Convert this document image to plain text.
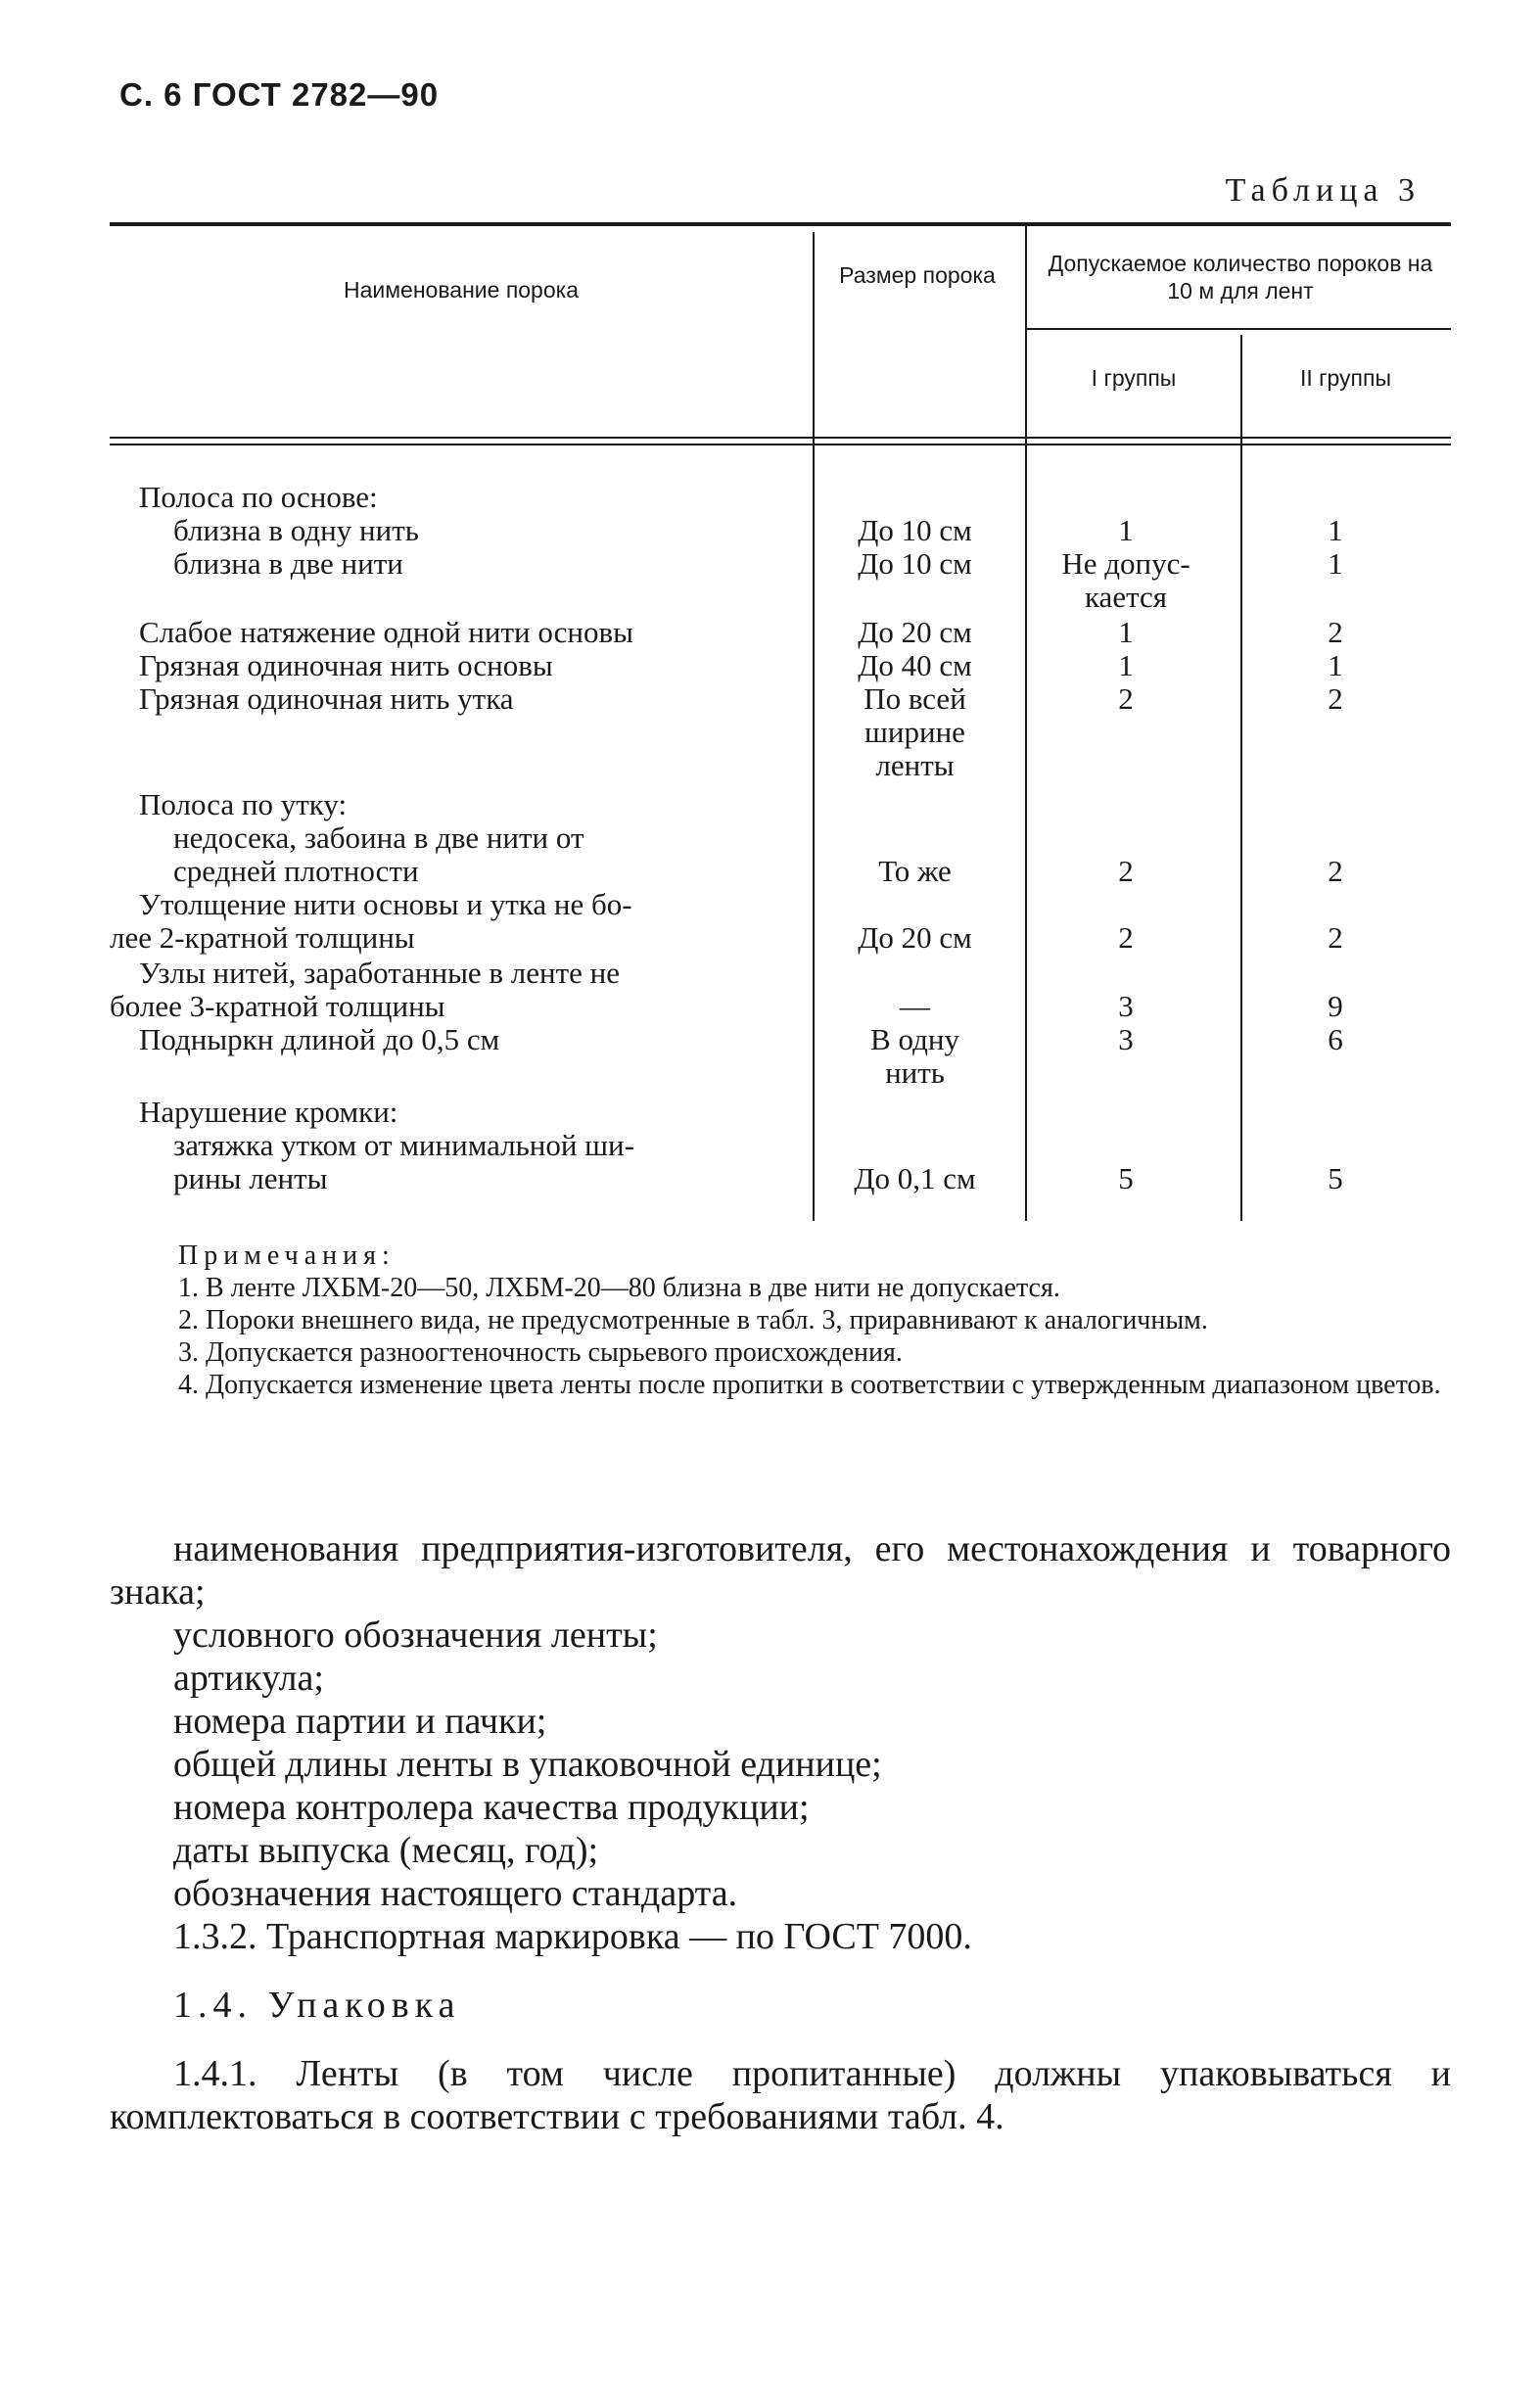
С. 6 ГОСТ 2782—90
Таблица 3
Наименование порока
Размер порока	Допускаемое количество пороков на 10 м для лент
I группы	II группы
Полоса по основе:
близна в одну нить	До 10 см	1	1
близна в две нити	До 10 см	Не допус-	1
кается
Слабое натяжение одной нити основы	До 20 см	1	2
Грязная одиночная нить основы	До 40 см	1	1
Грязная одиночная нить утка	По всей	2	2
ширине
ленты
Полоса по утку:
недосека, забоина в две нити от
средней плотности	То же	2	2
Утолщение нити основы и утка не бо-
лее 2-кратной толщины	До 20 см	2	2
Узлы нитей, заработанные в ленте не
более 3-кратной толщины	—	3	9
Подныркн длиной до 0,5 см	В одну	3	6
нить
Нарушение кромки:
затяжка утком от минимальной ши-
рины ленты	До 0,1 см	5	5
Примечания:
1. В ленте ЛХБМ-20—50, ЛХБМ-20—80 близна в две нити не допускается.
2. Пороки внешнего вида, не предусмотренные в табл. 3, приравнивают к аналогичным.
3. Допускается разноогтеночность сырьевого происхождения.
4. Допускается изменение цвета ленты после пропитки в соответствии с утвержденным диапазоном цветов.
наименования предприятия-изготовителя, его местонахождения и товарного знака;
условного обозначения ленты;
артикула;
номера партии и пачки;
общей длины ленты в упаковочной единице;
номера контролера качества продукции;
даты выпуска (месяц, год);
обозначения настоящего стандарта.
1.3.2. Транспортная маркировка — по ГОСТ 7000.
1.4. Упаковка
1.4.1. Ленты (в том числе пропитанные) должны упаковываться и комплектоваться в соответствии с требованиями табл. 4.
